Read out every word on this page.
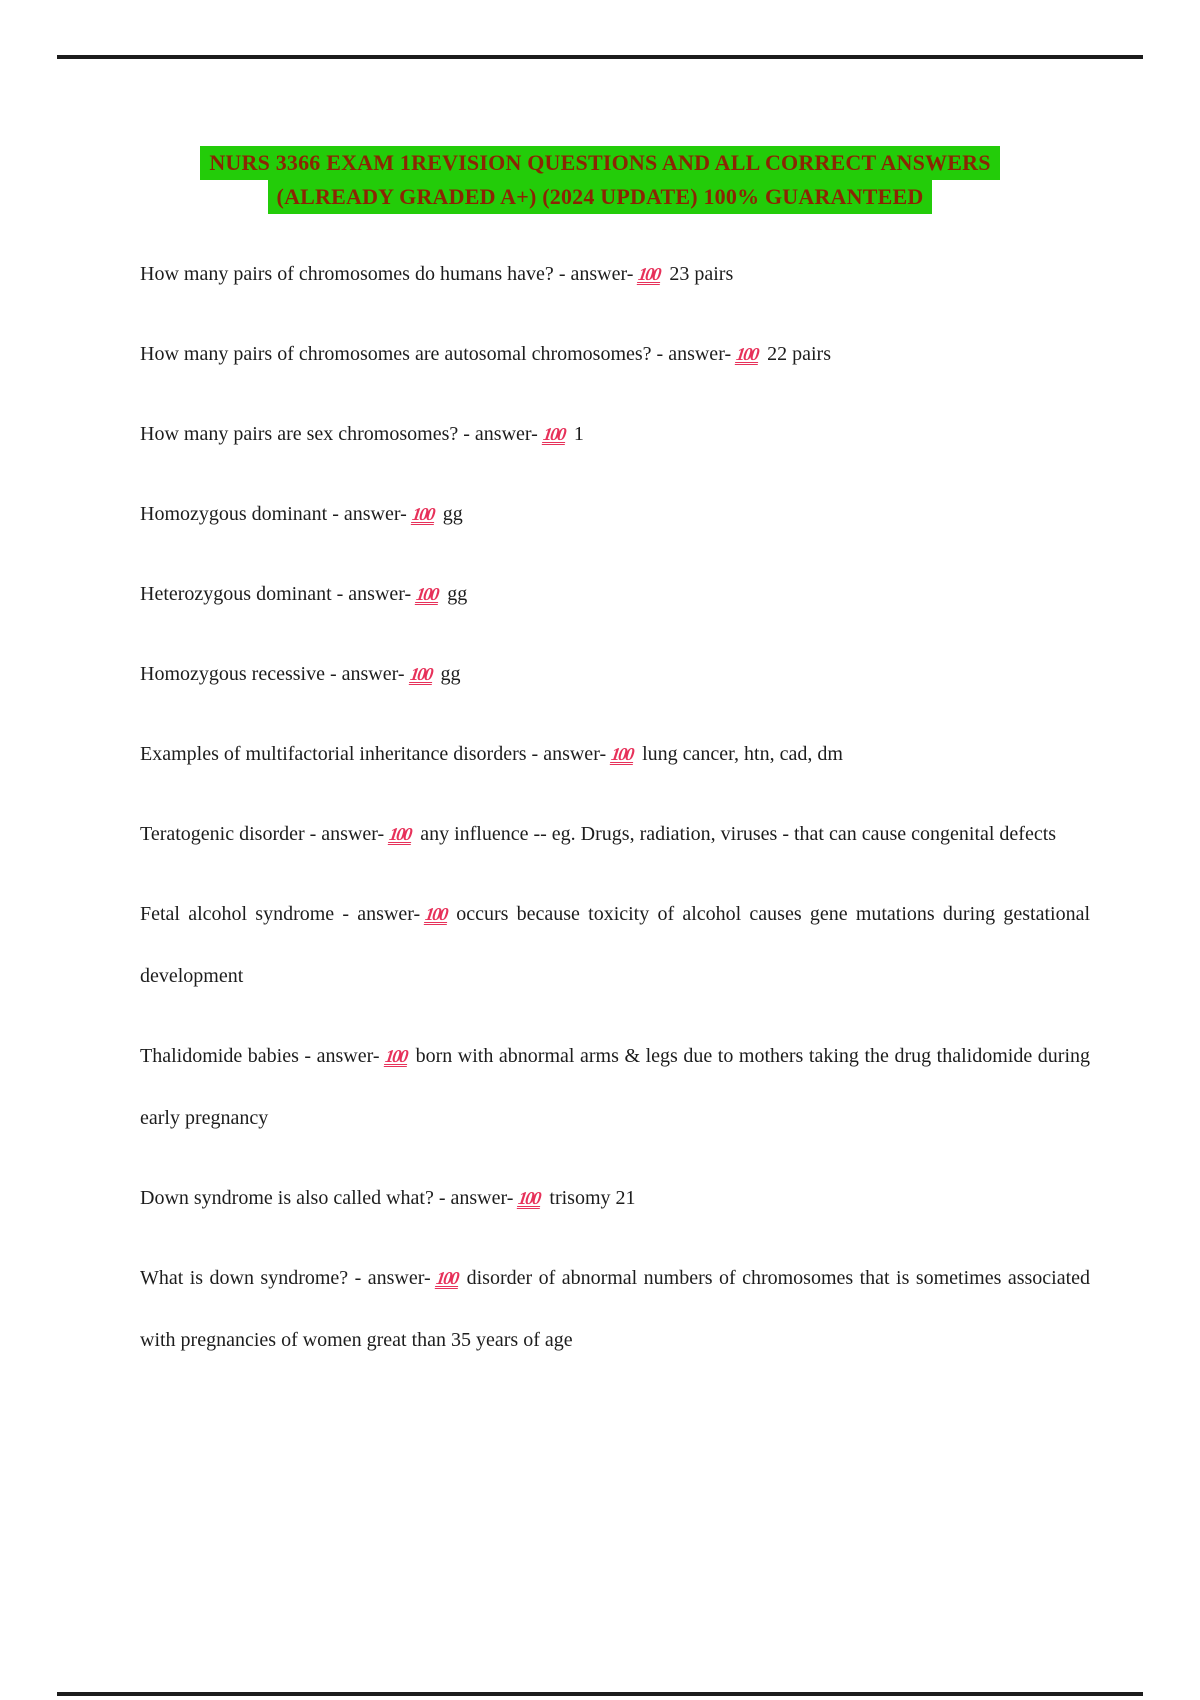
NURS 3366 EXAM 1REVISION QUESTIONS AND ALL CORRECT ANSWERS
(ALREADY GRADED A+) (2024 UPDATE) 100% GUARANTEED

How many pairs of chromosomes do humans have? - answer- 100 23 pairs

How many pairs of chromosomes are autosomal chromosomes? - answer- 100 22 pairs

How many pairs are sex chromosomes? - answer- 100 1

Homozygous dominant - answer- 100 gg

Heterozygous dominant - answer- 100 gg

Homozygous recessive - answer- 100 gg

Examples of multifactorial inheritance disorders - answer- 100 lung cancer, htn, cad, dm

Teratogenic disorder - answer- 100 any influence -- eg. Drugs, radiation, viruses - that can cause congenital defects

Fetal alcohol syndrome - answer- 100 occurs because toxicity of alcohol causes gene mutations during gestational development

Thalidomide babies - answer- 100 born with abnormal arms & legs due to mothers taking the drug thalidomide during early pregnancy

Down syndrome is also called what? - answer- 100 trisomy 21

What is down syndrome? - answer- 100 disorder of abnormal numbers of chromosomes that is sometimes associated with pregnancies of women great than 35 years of age
